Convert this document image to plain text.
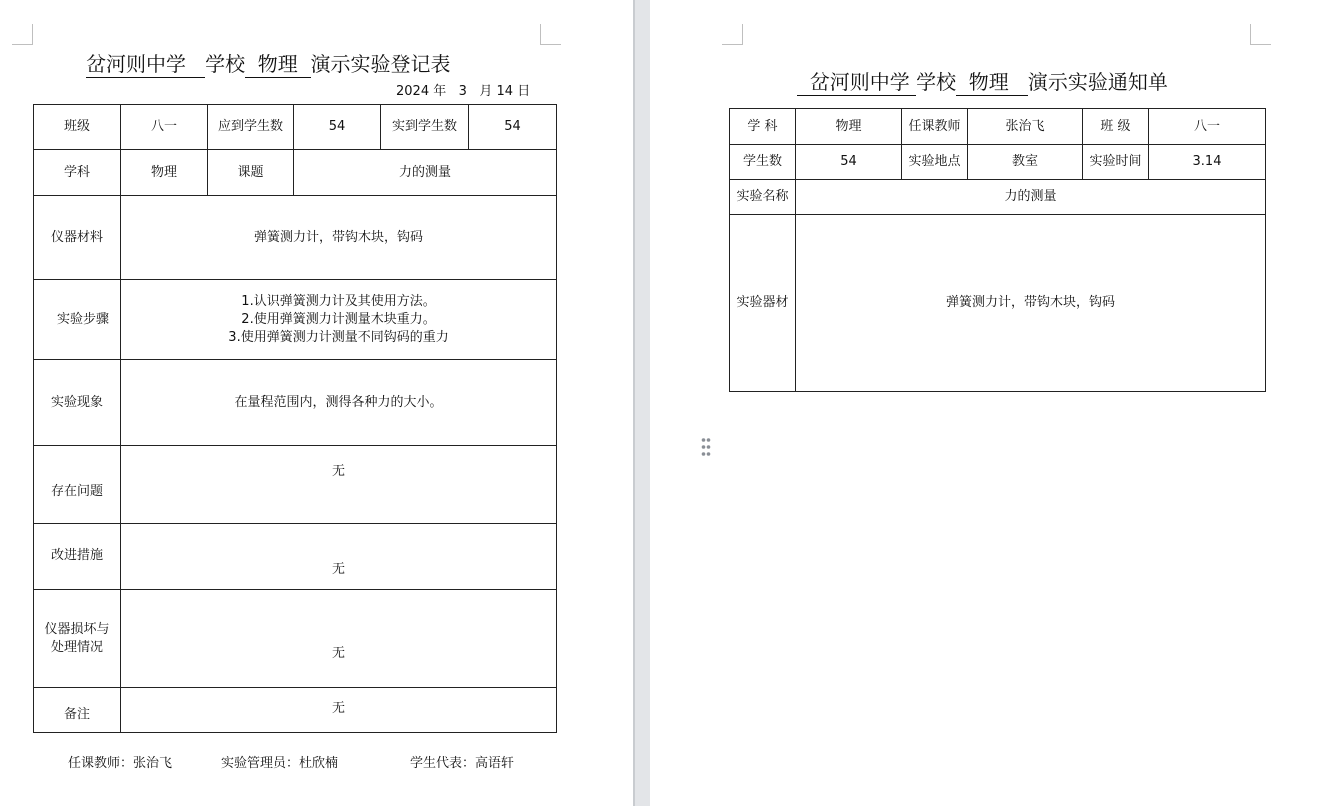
岔河则中学 学校 物理 演示实验登记表
2024 年 3 月 14 日
班级	八一	应到学生数	54	实到学生数	54
学科	物理	课题	力的测量		
仪器材料	弹簧测力计，带钩木块，钩码				
实验步骤	1.认识弹簧测力计及其使用方法。
2.使用弹簧测力计测量木块重力。
3.使用弹簧测力计测量不同钩码的重力				

实验现象	在量程范围内，测得各种力的大小。				
存在问题	无				
改进措施	无				

仪器损坏与
处理情况	无				
备注	无				
任课教师：张治飞	实验管理员：杜欣楠	学生代表：高语轩
岔河则中学 学校 物理 演示实验通知单
学 科	物理	任课教师	张治飞	班 级	八一
学生数	54	实验地点	教室	实验时间	3.14
实验名称	力的测量				
实验器材	弹簧测力计，带钩木块，钩码				
